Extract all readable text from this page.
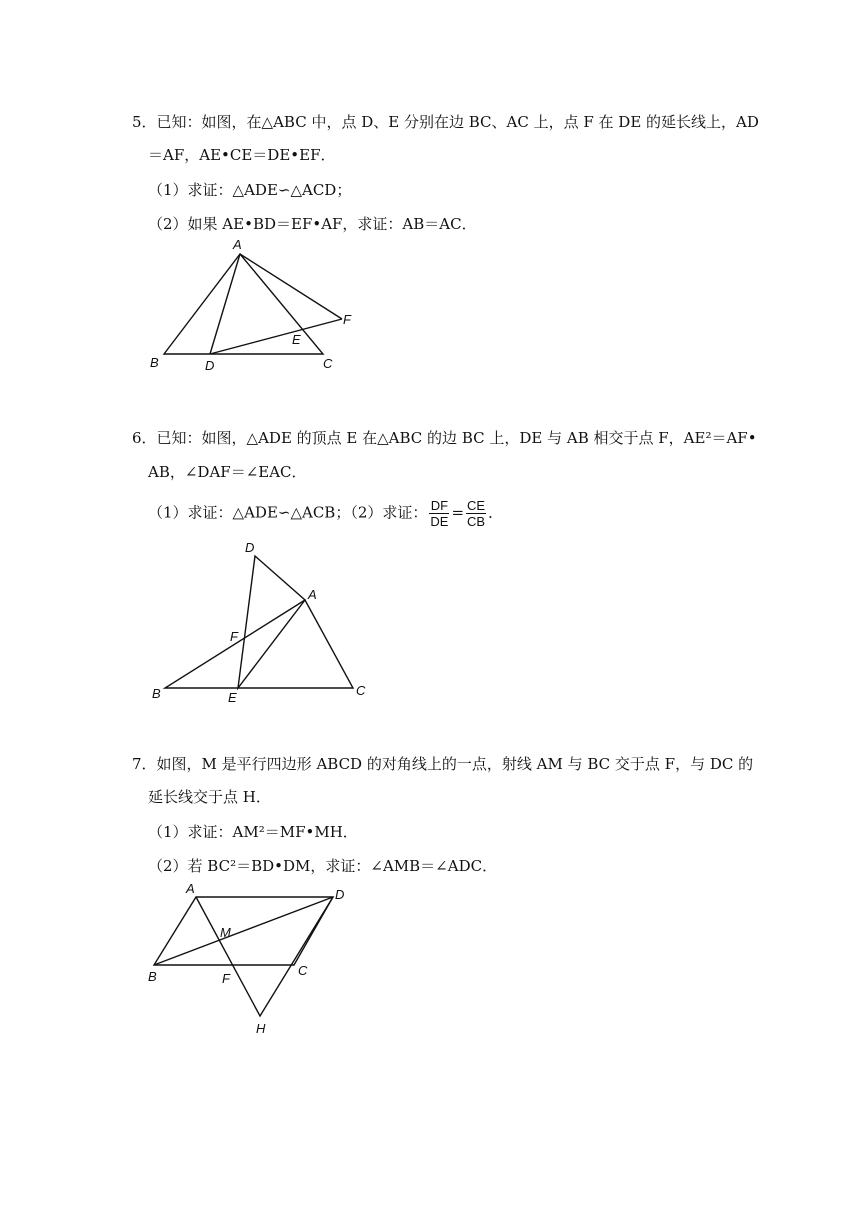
5．已知：如图，在△ABC 中，点 D、E 分别在边 BC、AC 上，点 F 在 DE 的延长线上，AD
＝AF，AE•CE＝DE•EF．
（1）求证：△ADE∽△ACD；
（2）如果 AE•BD＝EF•AF，求证：AB＝AC．
A
B	C
D
E
F
6．已知：如图，△ADE 的顶点 E 在△ABC 的边 BC 上，DE 与 AB 相交于点 F，AE²＝AF•
AB，∠DAF＝∠EAC．
（1）求证：△ADE∽△ACB；（2）求证： $\frac{DF}{DE} = \frac{CE}{CB}$ ．
D
A
F
B	E	C
7．如图，M 是平行四边形 ABCD 的对角线上的一点，射线 AM 与 BC 交于点 F，与 DC 的
延长线交于点 H．
（1）求证：AM²＝MF•MH．
（2）若 BC²＝BD•DM，求证：∠AMB＝∠ADC．
A	D
M
B	F
C
H
